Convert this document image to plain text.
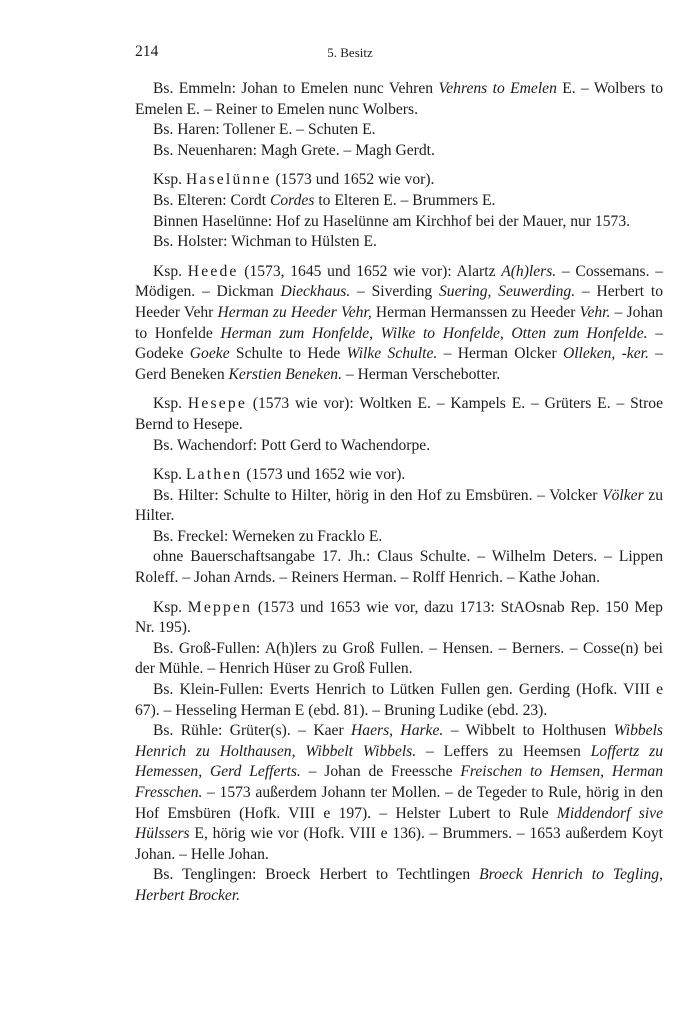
214	5. Besitz

Bs. Emmeln: Johan to Emelen nunc Vehren Vehrens to Emelen E. – Wolbers to Emelen E. – Reiner to Emelen nunc Wolbers.

Bs. Haren: Tollener E. – Schuten E.

Bs. Neuenharen: Magh Grete. – Magh Gerdt.

Ksp. Haselünne (1573 und 1652 wie vor).

Bs. Elteren: Cordt Cordes to Elteren E. – Brummers E.

Binnen Haselünne: Hof zu Haselünne am Kirchhof bei der Mauer, nur 1573.

Bs. Holster: Wichman to Hülsten E.

Ksp. Heede (1573, 1645 und 1652 wie vor): Alartz A(h)lers. – Cossemans. – Mödigen. – Dickman Dieckhaus. – Siverding Suering, Seuwerding. – Herbert to Heeder Vehr Herman zu Heeder Vehr, Herman Hermanssen zu Heeder Vehr. – Johan to Honfelde Herman zum Honfelde, Wilke to Honfelde, Otten zum Honfelde. – Godeke Goeke Schulte to Hede Wilke Schulte. – Herman Olcker Olleken, -ker. – Gerd Beneken Kerstien Beneken. – Herman Verschebotter.

Ksp. Hesepe (1573 wie vor): Woltken E. – Kampels E. – Grüters E. – Stroe Bernd to Hesepe.

Bs. Wachendorf: Pott Gerd to Wachendorpe.

Ksp. Lathen (1573 und 1652 wie vor).

Bs. Hilter: Schulte to Hilter, hörig in den Hof zu Emsbüren. – Volcker Völker zu Hilter.

Bs. Freckel: Werneken zu Fracklo E.

ohne Bauerschaftsangabe 17. Jh.: Claus Schulte. – Wilhelm Deters. – Lippen Roleff. – Johan Arnds. – Reiners Herman. – Rolff Henrich. – Kathe Johan.

Ksp. Meppen (1573 und 1653 wie vor, dazu 1713: StAOsnab Rep. 150 Mep Nr. 195).

Bs. Groß-Fullen: A(h)lers zu Groß Fullen. – Hensen. – Berners. – Cosse(n) bei der Mühle. – Henrich Hüser zu Groß Fullen.

Bs. Klein-Fullen: Everts Henrich to Lütken Fullen gen. Gerding (Hofk. VIII e 67). – Hesseling Herman E (ebd. 81). – Bruning Ludike (ebd. 23).

Bs. Rühle: Grüter(s). – Kaer Haers, Harke. – Wibbelt to Holthusen Wibbels Henrich zu Holthausen, Wibbelt Wibbels. – Leffers zu Heemsen Loffertz zu Hemessen, Gerd Lefferts. – Johan de Freessche Freischen to Hemsen, Herman Fresschen. – 1573 außerdem Johann ter Mollen. – de Tegeder to Rule, hörig in den Hof Emsbüren (Hofk. VIII e 197). – Helster Lubert to Rule Middendorf sive Hülssers E, hörig wie vor (Hofk. VIII e 136). – Brummers. – 1653 außerdem Koyt Johan. – Helle Johan.

Bs. Tenglingen: Broeck Herbert to Techtlingen Broeck Henrich to Tegling, Herbert Brocker.
